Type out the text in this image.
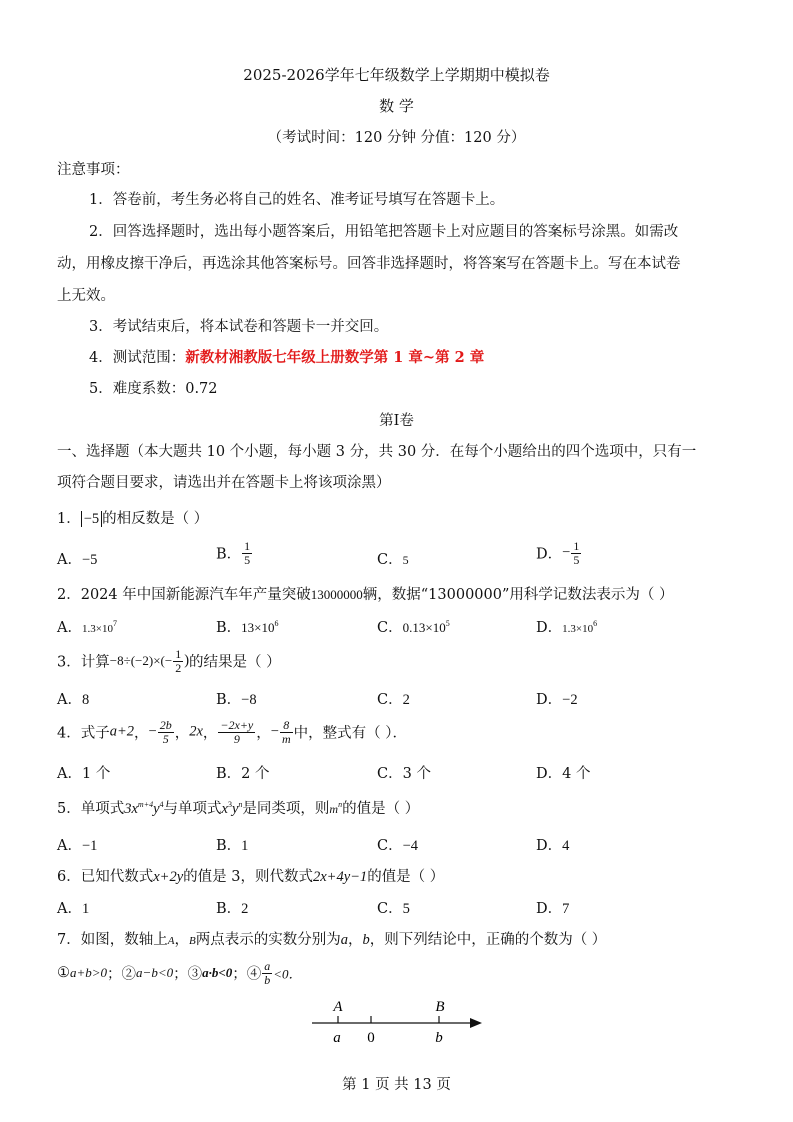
2025-2026学年七年级数学上学期期中模拟卷
数 学
（考试时间：120 分钟 分值：120 分）
注意事项：
1．答卷前，考生务必将自己的姓名、准考证号填写在答题卡上。
2．回答选择题时，选出每小题答案后，用铅笔把答题卡上对应题目的答案标号涂黑。如需改
动，用橡皮擦干净后，再选涂其他答案标号。回答非选择题时，将答案写在答题卡上。写在本试卷
上无效。
3．考试结束后，将本试卷和答题卡一并交回。
4．测试范围：新教材湘教版七年级上册数学第 1 章~第 2 章
5．难度系数：0.72
第Ⅰ卷
一、选择题（本大题共 10 个小题，每小题 3 分，共 30 分．在每个小题给出的四个选项中，只有一
项符合题目要求，请选出并在答题卡上将该项涂黑）
1． −5 的相反数是（ ）
A．−5	B． $\frac{1}{5}$	C．5	D．− $\frac{1}{5}$
2．2024 年中国新能源汽车年产量突破13000000辆，数据“13000000”用科学记数法表示为（ ）
A．$1.3\times 10^7$	B．$13\times 10^6$	C．$0.13\times 10^5$	D．$1.3\times 10^6$
3．计算$-8\div(-2)\times(- \frac{1}{2}$ )的结果是（ ）
A．8	B．−8	C．2	D．−2
4．式子a+2，− $\frac{2b}{5}$ ，2x， $\frac{-2x+y}{9}$ ，− $\frac{8}{m}$ 中，整式有（ ）．
A．1 个	B．2 个	C．3 个	D．4 个
5．单项式$3x^{m+4}y^4$与单项式$x^3y^n$是同类项，则$m^n$的值是（ ）
A．−1	B．1	C．−4	D．4
6．已知代数式x+2y的值是 3，则代数式2x+4y−1的值是（ ）
A．1	B．2	C．5	D．7
7．如图，数轴上A，B两点表示的实数分别为a，b，则下列结论中，正确的个数为（ ）
①a+b>0；②a−b<0；③a·b<0；④ $\frac{a}{b} <0$．
A	B
a 0	b
第 1 页 共 13 页
